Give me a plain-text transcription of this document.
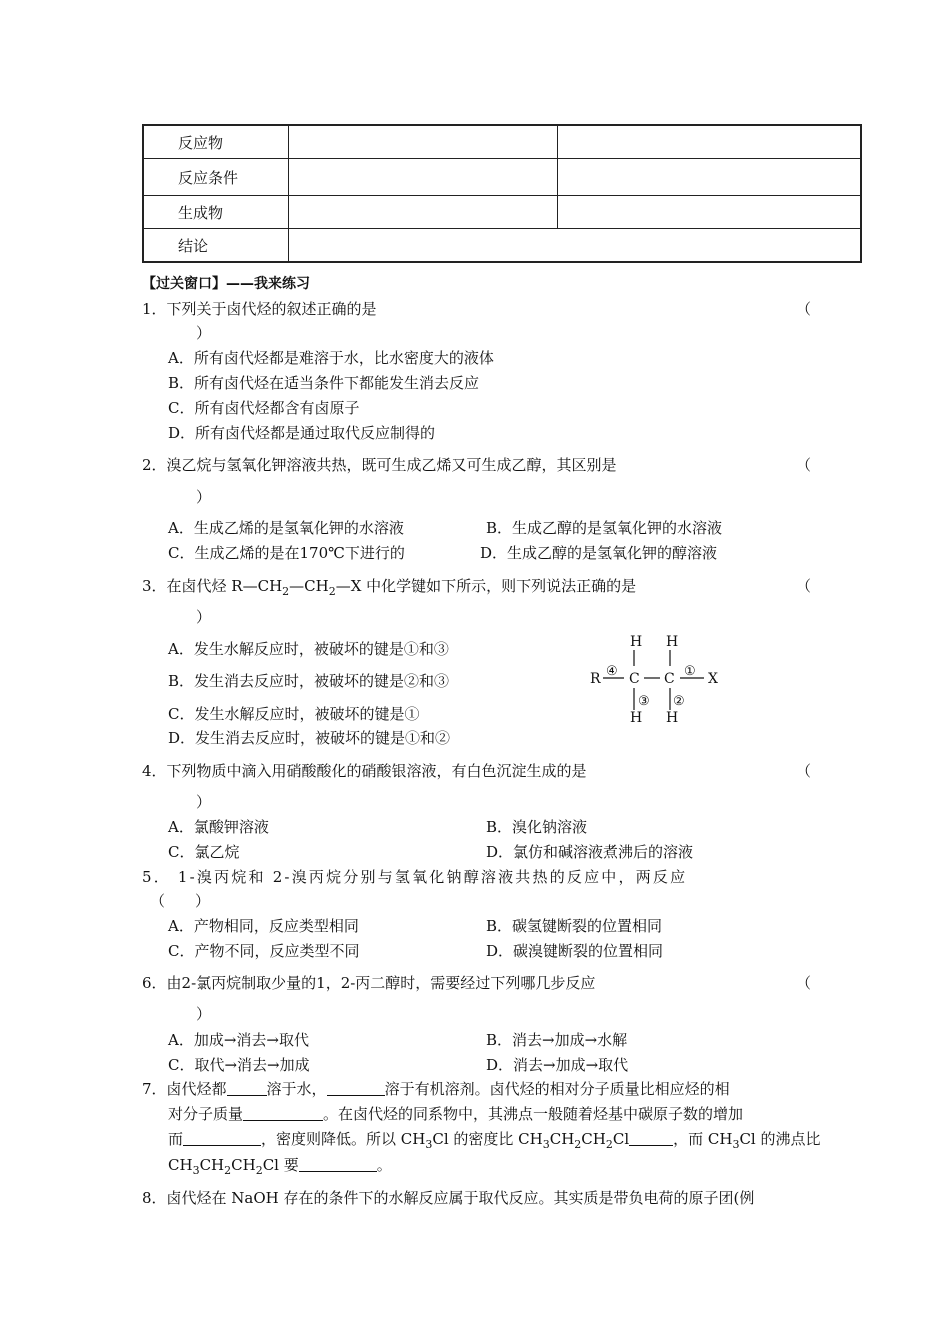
反应物		
反应条件		
生成物		
结论		
【过关窗口】——我来练习
1．下列关于卤代烃的叙述正确的是	（
）
A．所有卤代烃都是难溶于水，比水密度大的液体
B．所有卤代烃在适当条件下都能发生消去反应
C．所有卤代烃都含有卤原子
D．所有卤代烃都是通过取代反应制得的
2．溴乙烷与氢氧化钾溶液共热，既可生成乙烯又可生成乙醇，其区别是	（
）
A．生成乙烯的是氢氧化钾的水溶液	B．生成乙醇的是氢氧化钾的水溶液
C．生成乙烯的是在170℃下进行的	D．生成乙醇的是氢氧化钾的醇溶液
3．在卤代烃 $R—CH_2—CH_2—X$ 中化学键如下所示，则下列说法正确的是	（
）
A．发生水解反应时，被破坏的键是①和③
B．发生消去反应时，被破坏的键是②和③
C．发生水解反应时，被破坏的键是①
D．发生消去反应时，被破坏的键是①和②
H H
R ④ C C ① X
③ ②
H H
4．下列物质中滴入用硝酸酸化的硝酸银溶液，有白色沉淀生成的是	（
）
A．氯酸钾溶液	B．溴化钠溶液
C．氯乙烷	D．氯仿和碱溶液煮沸后的溶液
5． 1-溴丙烷和 2-溴丙烷分别与氢氧化钠醇溶液共热的反应中，两反应
（　　）
A．产物相同，反应类型相同	B．碳氢键断裂的位置相同
C．产物不同，反应类型不同	D．碳溴键断裂的位置相同
6．由2-氯丙烷制取少量的1，2-丙二醇时，需要经过下列哪几步反应	（
）
A．加成→消去→取代	B．消去→加成→水解
C．取代→消去→加成	D．消去→加成→取代
7．卤代烃都	溶于水，	溶于有机溶剂。卤代烃的相对分子质量比相应烃的相
对分子质量	。在卤代烃的同系物中，其沸点一般随着烃基中碳原子数的增加
而	，密度则降低。所以 $CH_3Cl$ 的密度比 $CH_3CH_2CH_2Cl$	，而 $CH_3Cl$ 的沸点比
$CH_3CH_2CH_2Cl$ 要	。
8．卤代烃在 NaOH 存在的条件下的水解反应属于取代反应。其实质是带负电荷的原子团(例
